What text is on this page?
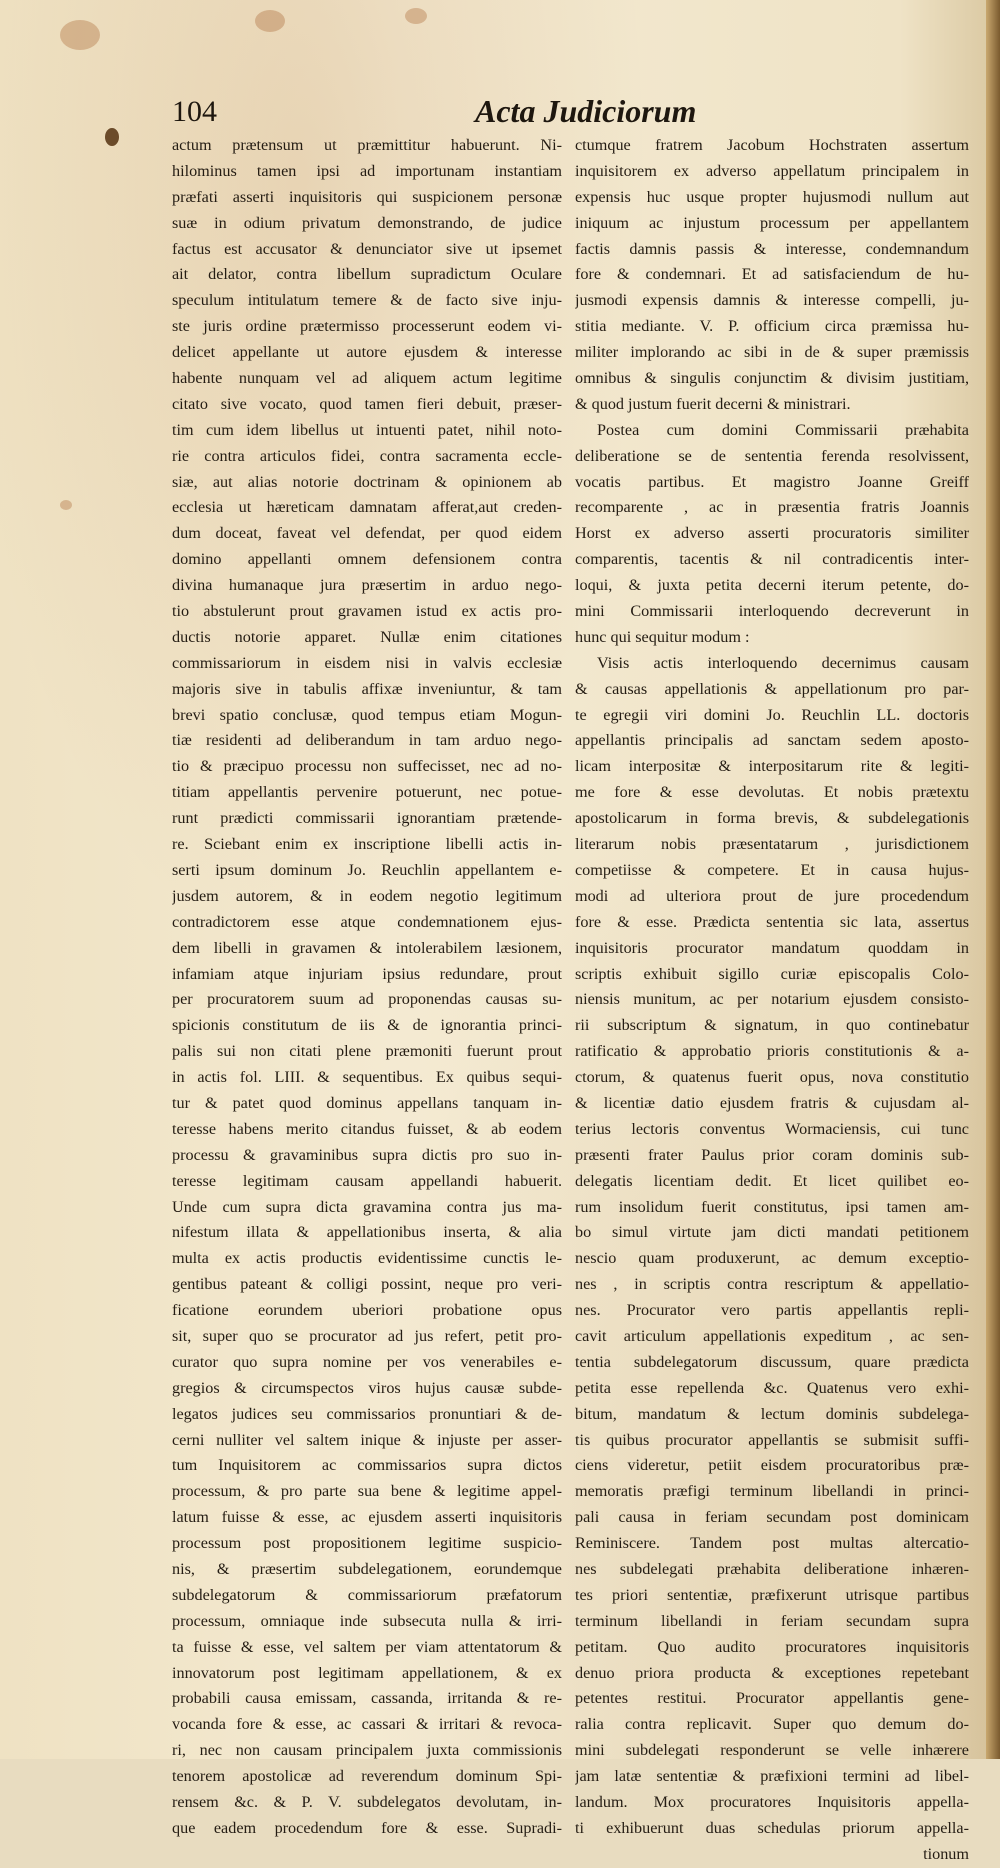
104	Acta Judiciorum
actum prætensum ut præmittitur habuerunt. Ni-
hilominus tamen ipsi ad importunam instantiam
præfati asserti inquisitoris qui suspicionem personæ
suæ in odium privatum demonstrando, de judice
factus est accusator & denunciator sive ut ipsemet
ait delator, contra libellum supradictum Oculare
speculum intitulatum temere & de facto sive inju-
ste juris ordine prætermisso processerunt eodem vi-
delicet appellante ut autore ejusdem & interesse
habente nunquam vel ad aliquem actum legitime
citato sive vocato, quod tamen fieri debuit, præser-
tim cum idem libellus ut intuenti patet, nihil noto-
rie contra articulos fidei, contra sacramenta eccle-
siæ, aut alias notorie doctrinam & opinionem ab
ecclesia ut hæreticam damnatam afferat,aut creden-
dum doceat, faveat vel defendat, per quod eidem
domino appellanti omnem defensionem contra
divina humanaque jura præsertim in arduo nego-
tio abstulerunt prout gravamen istud ex actis pro-
ductis notorie apparet. Nullæ enim citationes
commissariorum in eisdem nisi in valvis ecclesiæ
majoris sive in tabulis affixæ inveniuntur, & tam
brevi spatio conclusæ, quod tempus etiam Mogun-
tiæ residenti ad deliberandum in tam arduo nego-
tio & præcipuo processu non suffecisset, nec ad no-
titiam appellantis pervenire potuerunt, nec potue-
runt prædicti commissarii ignorantiam prætende-
re. Sciebant enim ex inscriptione libelli actis in-
serti ipsum dominum Jo. Reuchlin appellantem e-
jusdem autorem, & in eodem negotio legitimum
contradictorem esse atque condemnationem ejus-
dem libelli in gravamen & intolerabilem læsionem,
infamiam atque injuriam ipsius redundare, prout
per procuratorem suum ad proponendas causas su-
spicionis constitutum de iis & de ignorantia princi-
palis sui non citati plene præmoniti fuerunt prout
in actis fol. LIII. & sequentibus. Ex quibus sequi-
tur & patet quod dominus appellans tanquam in-
teresse habens merito citandus fuisset, & ab eodem
processu & gravaminibus supra dictis pro suo in-
teresse legitimam causam appellandi habuerit.
Unde cum supra dicta gravamina contra jus ma-
nifestum illata & appellationibus inserta, & alia
multa ex actis productis evidentissime cunctis le-
gentibus pateant & colligi possint, neque pro veri-
ficatione eorundem uberiori probatione opus
sit, super quo se procurator ad jus refert, petit pro-
curator quo supra nomine per vos venerabiles e-
gregios & circumspectos viros hujus causæ subde-
legatos judices seu commissarios pronuntiari & de-
cerni nulliter vel saltem inique & injuste per asser-
tum Inquisitorem ac commissarios supra dictos
processum, & pro parte sua bene & legitime appel-
latum fuisse & esse, ac ejusdem asserti inquisitoris
processum post propositionem legitime suspicio-
nis, & præsertim subdelegationem, eorundemque
subdelegatorum & commissariorum præfatorum
processum, omniaque inde subsecuta nulla & irri-
ta fuisse & esse, vel saltem per viam attentatorum &
innovatorum post legitimam appellationem, & ex
probabili causa emissam, cassanda, irritanda & re-
vocanda fore & esse, ac cassari & irritari & revoca-
ri, nec non causam principalem juxta commissionis
tenorem apostolicæ ad reverendum dominum Spi-
rensem &c. & P. V. subdelegatos devolutam, in-
que eadem procedendum fore & esse. Supradi-
ctumque fratrem Jacobum Hochstraten assertum
inquisitorem ex adverso appellatum principalem in
expensis huc usque propter hujusmodi nullum aut
iniquum ac injustum processum per appellantem
factis damnis passis & interesse, condemnandum
fore & condemnari. Et ad satisfaciendum de hu-
jusmodi expensis damnis & interesse compelli, ju-
stitia mediante. V. P. officium circa præmissa hu-
militer implorando ac sibi in de & super præmissis
omnibus & singulis conjunctim & divisim justitiam,
& quod justum fuerit decerni & ministrari.
Postea cum domini Commissarii præhabita
deliberatione se de sententia ferenda resolvissent,
vocatis partibus. Et magistro Joanne Greiff
recomparente , ac in præsentia fratris Joannis
Horst ex adverso asserti procuratoris similiter
comparentis, tacentis & nil contradicentis inter-
loqui, & juxta petita decerni iterum petente, do-
mini Commissarii interloquendo decreverunt in
hunc qui sequitur modum :
Visis actis interloquendo decernimus causam
& causas appellationis & appellationum pro par-
te egregii viri domini Jo. Reuchlin LL. doctoris
appellantis principalis ad sanctam sedem aposto-
licam interpositæ & interpositarum rite & legiti-
me fore & esse devolutas. Et nobis prætextu
apostolicarum in forma brevis, & subdelegationis
literarum nobis præsentatarum , jurisdictionem
competiisse & competere. Et in causa hujus-
modi ad ulteriora prout de jure procedendum
fore & esse. Prædicta sententia sic lata, assertus
inquisitoris procurator mandatum quoddam in
scriptis exhibuit sigillo curiæ episcopalis Colo-
niensis munitum, ac per notarium ejusdem consisto-
rii subscriptum & signatum, in quo continebatur
ratificatio & approbatio prioris constitutionis & a-
ctorum, & quatenus fuerit opus, nova constitutio
& licentiæ datio ejusdem fratris & cujusdam al-
terius lectoris conventus Wormaciensis, cui tunc
præsenti frater Paulus prior coram dominis sub-
delegatis licentiam dedit. Et licet quilibet eo-
rum insolidum fuerit constitutus, ipsi tamen am-
bo simul virtute jam dicti mandati petitionem
nescio quam produxerunt, ac demum exceptio-
nes , in scriptis contra rescriptum & appellatio-
nes. Procurator vero partis appellantis repli-
cavit articulum appellationis expeditum , ac sen-
tentia subdelegatorum discussum, quare prædicta
petita esse repellenda &c. Quatenus vero exhi-
bitum, mandatum & lectum dominis subdelega-
tis quibus procurator appellantis se submisit suffi-
ciens videretur, petiit eisdem procuratoribus præ-
memoratis præfigi terminum libellandi in princi-
pali causa in feriam secundam post dominicam
Reminiscere. Tandem post multas altercatio-
nes subdelegati præhabita deliberatione inhæren-
tes priori sententiæ, præfixerunt utrisque partibus
terminum libellandi in feriam secundam supra
petitam. Quo audito procuratores inquisitoris
denuo priora producta & exceptiones repetebant
petentes restitui. Procurator appellantis gene-
ralia contra replicavit. Super quo demum do-
mini subdelegati responderunt se velle inhærere
jam latæ sententiæ & præfixioni termini ad libel-
landum. Mox procuratores Inquisitoris appella-
ti exhibuerunt duas schedulas priorum appella-
tionum
